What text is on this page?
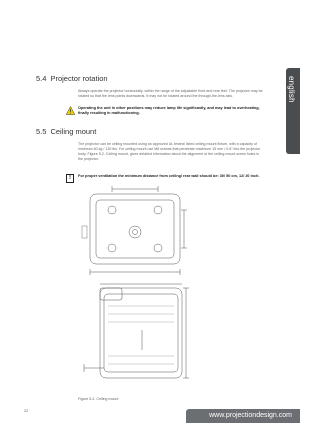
english
5.4 Projector rotation
Always operate the projector horizontally, within the range of the adjustable front and rear feet. The projector may be rotated so that the lens points downwards. It may not be rotated around the through-the-lens axis.
Operating the unit in other positions may reduce lamp life significantly, and may lead to overheating, finally resulting in malfunctioning.
5.5 Ceiling mount
The projector can be ceiling mounted using an approved UL tested/ listed ceiling mount fixture, with a capacity of minimum 60 kg / 130 lbs. For ceiling mount use M6 screws that penetrate maximum 15 mm / 0.6" into the projector body. Figure 5-2. Ceiling mount, gives detailed information about the alignment of the ceiling mount screw holes in the projector.
!	For proper ventilation the minimum distance from ceiling/ rear wall should be: 30/ 50 cm, 12/ 20 inch.
Figure 5-2. Ceiling mount
22
www.projectiondesign.com
